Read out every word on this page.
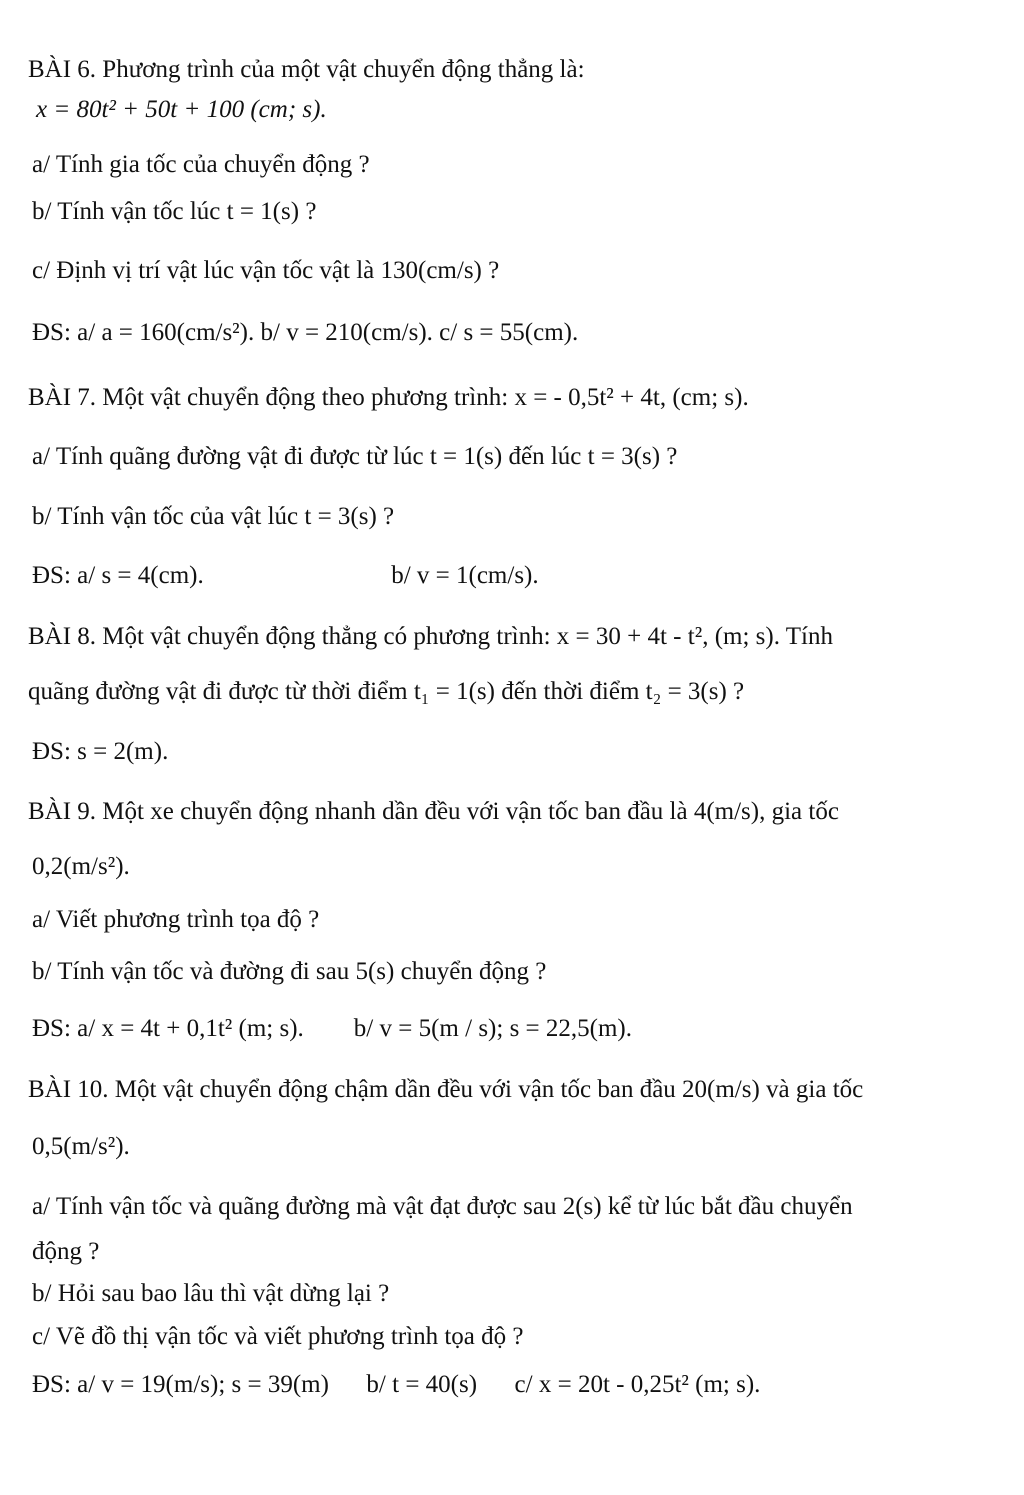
BÀI 6. Phương trình của một vật chuyển động thẳng là:
x = 80t² + 50t + 100 (cm; s).
a/ Tính gia tốc của chuyển động ?
b/ Tính vận tốc lúc t = 1(s) ?
c/ Định vị trí vật lúc vận tốc vật là 130(cm/s) ?
ĐS: a/ a = 160(cm/s²). b/ v = 210(cm/s). c/ s = 55(cm).
BÀI 7. Một vật chuyển động theo phương trình: x = - 0,5t² + 4t, (cm; s).
a/ Tính quãng đường vật đi được từ lúc t = 1(s) đến lúc t = 3(s) ?
b/ Tính vận tốc của vật lúc t = 3(s) ?
ĐS: a/ s = 4(cm).                              b/ v = 1(cm/s).
BÀI 8. Một vật chuyển động thẳng có phương trình: x = 30 + 4t - t², (m; s). Tính
quãng đường vật đi được từ thời điểm t₁ = 1(s) đến thời điểm t₂ = 3(s) ?
ĐS: s = 2(m).
BÀI 9. Một xe chuyển động nhanh dần đều với vận tốc ban đầu là 4(m/s), gia tốc
0,2(m/s²).
a/ Viết phương trình tọa độ ?
b/ Tính vận tốc và đường đi sau 5(s) chuyển động ?
ĐS: a/ x = 4t + 0,1t² (m; s).        b/ v = 5(m / s); s = 22,5(m).
BÀI 10. Một vật chuyển động chậm dần đều với vận tốc ban đầu 20(m/s) và gia tốc
0,5(m/s²).
a/ Tính vận tốc và quãng đường mà vật đạt được sau 2(s) kể từ lúc bắt đầu chuyển
động ?
b/ Hỏi sau bao lâu thì vật dừng lại ?
c/ Vẽ đồ thị vận tốc và viết phương trình tọa độ ?
ĐS: a/ v = 19(m/s); s = 39(m)      b/ t = 40(s)      c/ x = 20t - 0,25t² (m; s).
